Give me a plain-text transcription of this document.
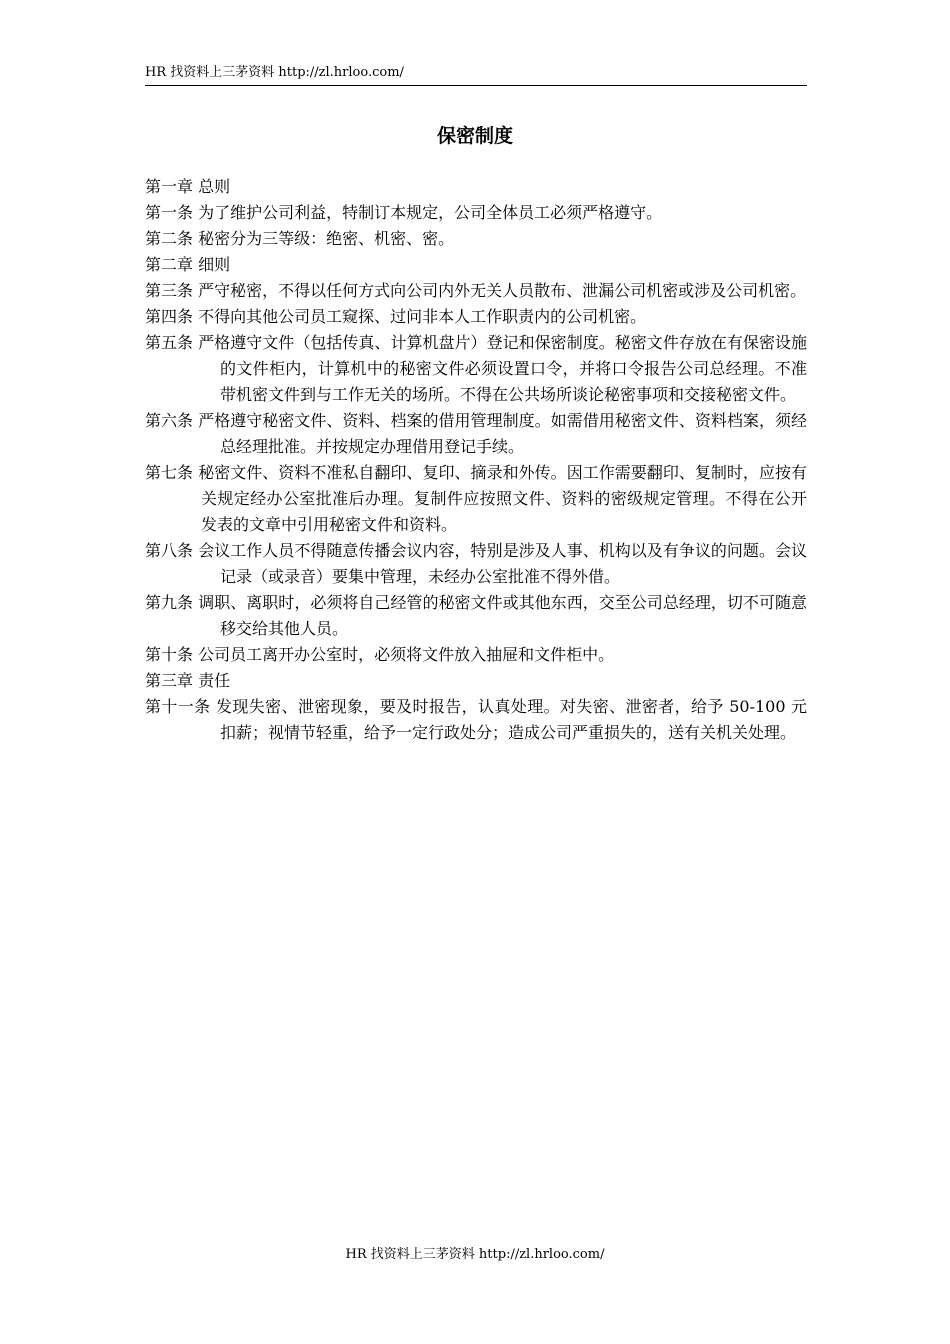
HR 找资料上三茅资料 http://zl.hrloo.com/
保密制度
第一章 总则
第一条 为了维护公司利益，特制订本规定，公司全体员工必须严格遵守。
第二条 秘密分为三等级：绝密、机密、密。
第二章 细则
第三条 严守秘密，不得以任何方式向公司内外无关人员散布、泄漏公司机密或涉及公司机密。
第四条 不得向其他公司员工窥探、过问非本人工作职责内的公司机密。
第五条 严格遵守文件（包括传真、计算机盘片）登记和保密制度。秘密文件存放在有保密设施的文件柜内，计算机中的秘密文件必须设置口令，并将口令报告公司总经理。不准带机密文件到与工作无关的场所。不得在公共场所谈论秘密事项和交接秘密文件。
第六条 严格遵守秘密文件、资料、档案的借用管理制度。如需借用秘密文件、资料档案，须经总经理批准。并按规定办理借用登记手续。
第七条 秘密文件、资料不准私自翻印、复印、摘录和外传。因工作需要翻印、复制时，应按有关规定经办公室批准后办理。复制件应按照文件、资料的密级规定管理。不得在公开发表的文章中引用秘密文件和资料。
第八条 会议工作人员不得随意传播会议内容，特别是涉及人事、机构以及有争议的问题。会议记录（或录音）要集中管理，未经办公室批准不得外借。
第九条 调职、离职时，必须将自己经管的秘密文件或其他东西，交至公司总经理，切不可随意移交给其他人员。
第十条 公司员工离开办公室时，必须将文件放入抽屉和文件柜中。
第三章 责任
第十一条 发现失密、泄密现象，要及时报告，认真处理。对失密、泄密者，给予 50-100 元扣薪；视情节轻重，给予一定行政处分；造成公司严重损失的，送有关机关处理。
HR 找资料上三茅资料 http://zl.hrloo.com/
